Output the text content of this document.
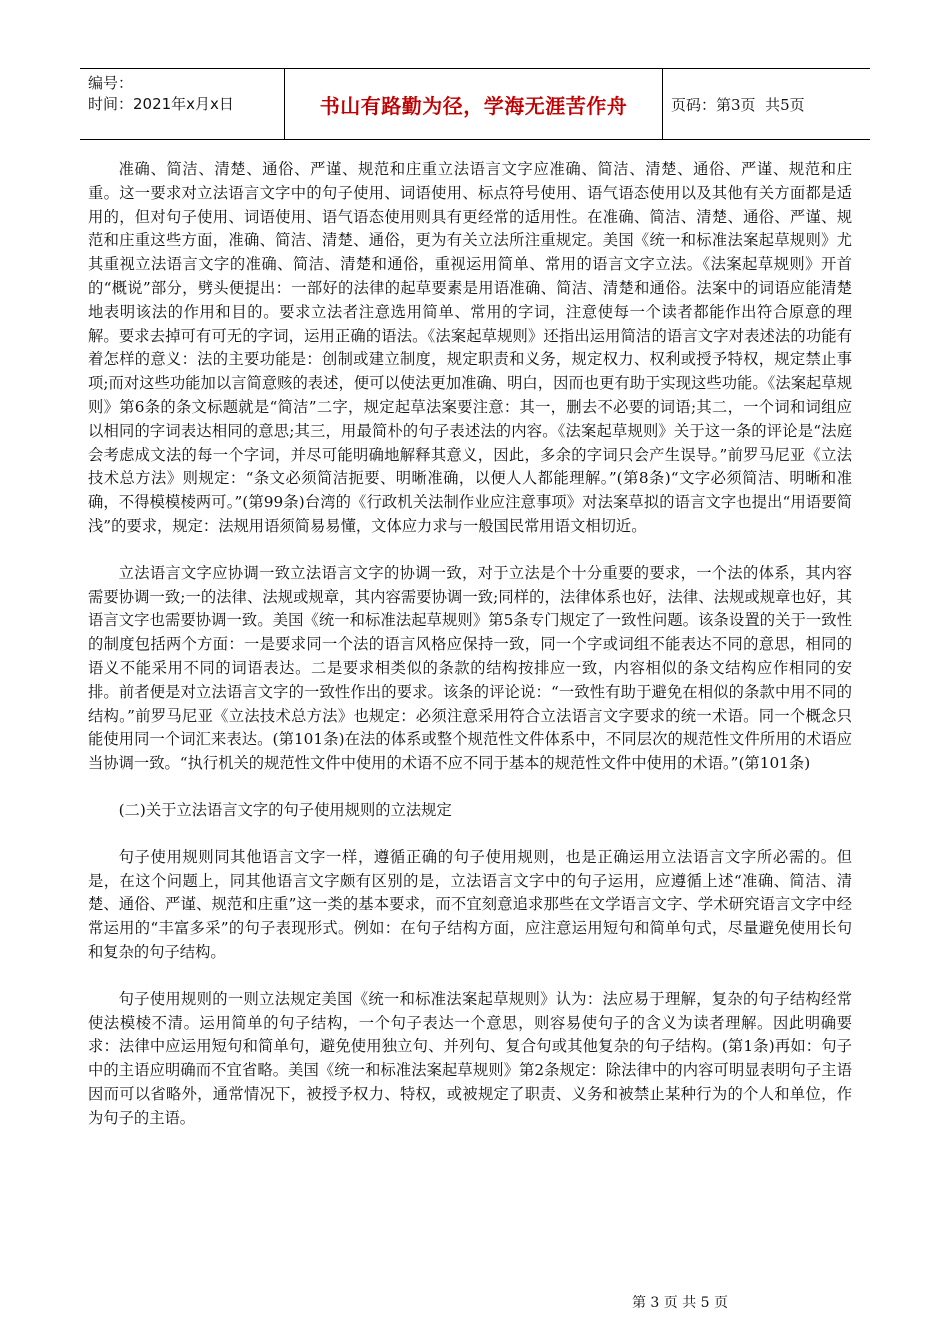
编号：
时间：2021年x月x日	书山有路勤为径，学海无涯苦作舟	页码：第3页  共5页

准确、简洁、清楚、通俗、严谨、规范和庄重立法语言文字应准确、简洁、清楚、通俗、严谨、规范和庄重。这一要求对立法语言文字中的句子使用、词语使用、标点符号使用、语气语态使用以及其他有关方面都是适用的，但对句子使用、词语使用、语气语态使用则具有更经常的适用性。在准确、简洁、清楚、通俗、严谨、规范和庄重这些方面，准确、简洁、清楚、通俗，更为有关立法所注重规定。美国《统一和标准法案起草规则》尤其重视立法语言文字的准确、简洁、清楚和通俗，重视运用简单、常用的语言文字立法。《法案起草规则》开首的“概说”部分，劈头便提出：一部好的法律的起草要素是用语准确、简洁、清楚和通俗。法案中的词语应能清楚地表明该法的作用和目的。要求立法者注意选用简单、常用的字词，注意使每一个读者都能作出符合原意的理解。要求去掉可有可无的字词，运用正确的语法。《法案起草规则》还指出运用简洁的语言文字对表述法的功能有着怎样的意义：法的主要功能是：创制或建立制度，规定职责和义务，规定权力、权利或授予特权，规定禁止事项;而对这些功能加以言简意赅的表述，便可以使法更加准确、明白，因而也更有助于实现这些功能。《法案起草规则》第6条的条文标题就是“简洁”二字，规定起草法案要注意：其一，删去不必要的词语;其二，一个词和词组应以相同的字词表达相同的意思;其三，用最简朴的句子表述法的内容。《法案起草规则》关于这一条的评论是“法庭会考虑成文法的每一个字词，并尽可能明确地解释其意义，因此，多余的字词只会产生误导。”前罗马尼亚《立法技术总方法》则规定：“条文必须简洁扼要、明晰准确，以便人人都能理解。”(第8条)“文字必须简洁、明晰和准确，不得模模棱两可。”(第99条)台湾的《行政机关法制作业应注意事项》对法案草拟的语言文字也提出“用语要简浅”的要求，规定：法规用语须简易易懂，文体应力求与一般国民常用语文相切近。

立法语言文字应协调一致立法语言文字的协调一致，对于立法是个十分重要的要求，一个法的体系，其内容需要协调一致;一的法律、法规或规章，其内容需要协调一致;同样的，法律体系也好，法律、法规或规章也好，其语言文字也需要协调一致。美国《统一和标准法起草规则》第5条专门规定了一致性问题。该条设置的关于一致性的制度包括两个方面：一是要求同一个法的语言风格应保持一致，同一个字或词组不能表达不同的意思，相同的语义不能采用不同的词语表达。二是要求相类似的条款的结构按排应一致，内容相似的条文结构应作相同的安排。前者便是对立法语言文字的一致性作出的要求。该条的评论说：“一致性有助于避免在相似的条款中用不同的结构。”前罗马尼亚《立法技术总方法》也规定：必须注意采用符合立法语言文字要求的统一术语。同一个概念只能使用同一个词汇来表达。(第101条)在法的体系或整个规范性文件体系中，不同层次的规范性文件所用的术语应当协调一致。“执行机关的规范性文件中使用的术语不应不同于基本的规范性文件中使用的术语。”(第101条)

(二)关于立法语言文字的句子使用规则的立法规定

句子使用规则同其他语言文字一样，遵循正确的句子使用规则，也是正确运用立法语言文字所必需的。但是，在这个问题上，同其他语言文字颇有区别的是，立法语言文字中的句子运用，应遵循上述“准确、简洁、清楚、通俗、严谨、规范和庄重”这一类的基本要求，而不宜刻意追求那些在文学语言文字、学术研究语言文字中经常运用的“丰富多采”的句子表现形式。例如：在句子结构方面，应注意运用短句和简单句式，尽量避免使用长句和复杂的句子结构。

句子使用规则的一则立法规定美国《统一和标准法案起草规则》认为：法应易于理解，复杂的句子结构经常使法模棱不清。运用简单的句子结构，一个句子表达一个意思，则容易使句子的含义为读者理解。因此明确要求：法律中应运用短句和简单句，避免使用独立句、并列句、复合句或其他复杂的句子结构。(第1条)再如：句子中的主语应明确而不宜省略。美国《统一和标准法案起草规则》第2条规定：除法律中的内容可明显表明句子主语因而可以省略外，通常情况下，被授予权力、特权，或被规定了职责、义务和被禁止某种行为的个人和单位，作为句子的主语。

第 3 页 共 5 页
